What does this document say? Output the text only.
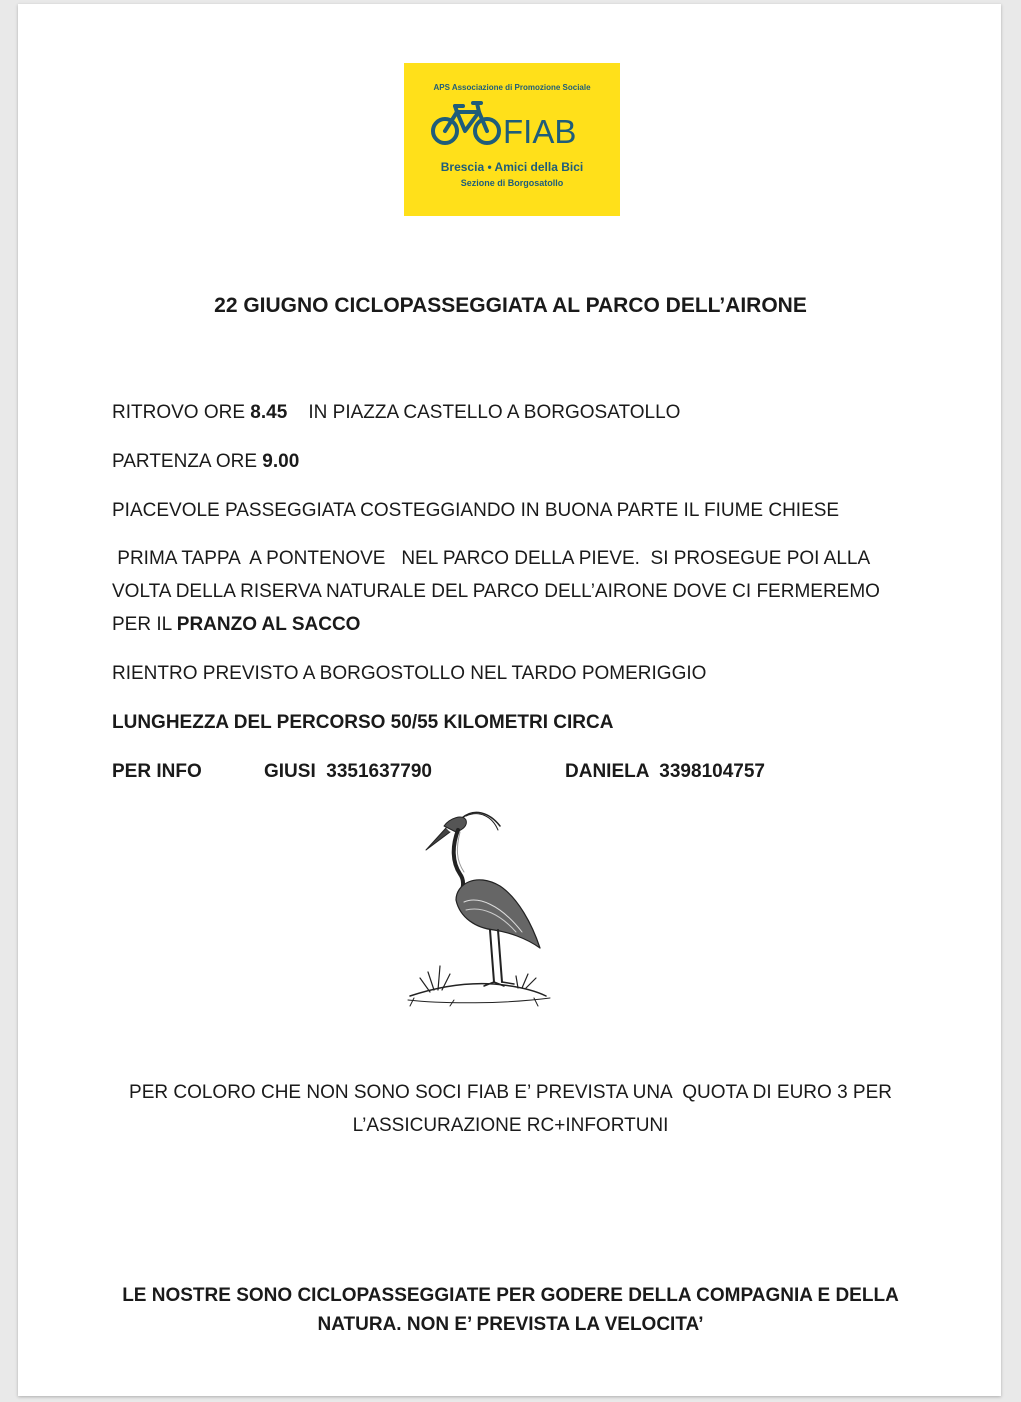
APS Associazione di Promozione Sociale
FIAB
Brescia • Amici della Bici
Sezione di Borgosatollo
22 GIUGNO CICLOPASSEGGIATA AL PARCO DELL’AIRONE
RITROVO ORE 8.45    IN PIAZZA CASTELLO A BORGOSATOLLO
PARTENZA ORE 9.00
PIACEVOLE PASSEGGIATA COSTEGGIANDO IN BUONA PARTE IL FIUME CHIESE
PRIMA TAPPA  A PONTENOVE   NEL PARCO DELLA PIEVE.  SI PROSEGUE POI ALLA
VOLTA DELLA RISERVA NATURALE DEL PARCO DELL’AIRONE DOVE CI FERMEREMO
PER IL PRANZO AL SACCO
RIENTRO PREVISTO A BORGOSTOLLO NEL TARDO POMERIGGIO
LUNGHEZZA DEL PERCORSO 50/55 KILOMETRI CIRCA
PER INFO	GIUSI  3351637790	DANIELA  3398104757
PER COLORO CHE NON SONO SOCI FIAB E’ PREVISTA UNA  QUOTA DI EURO 3 PER
L’ASSICURAZIONE RC+INFORTUNI
LE NOSTRE SONO CICLOPASSEGGIATE PER GODERE DELLA COMPAGNIA E DELLA
NATURA. NON E’ PREVISTA LA VELOCITA’
